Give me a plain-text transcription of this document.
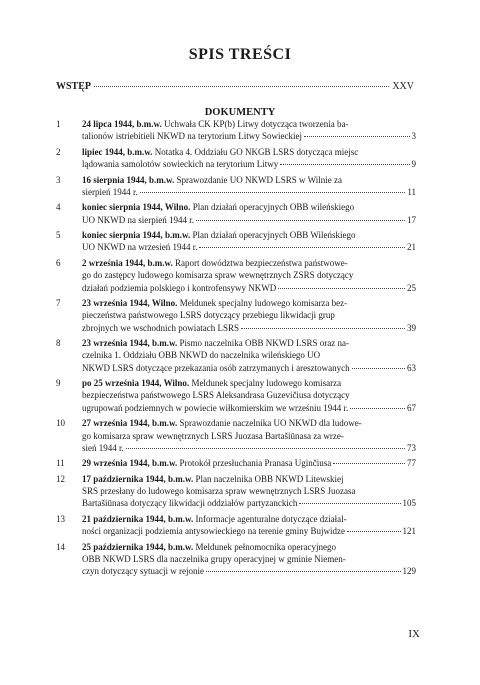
SPIS TREŚCI
WSTĘP	XXV
DOKUMENTY
1	24 lipca 1944, b.m.w. Uchwała CK KP(b) Litwy dotycząca tworzenia ba-
talionów istriebitieli NKWD na terytorium Litwy Sowieckiej	3
2	lipiec 1944, b.m.w. Notatka 4. Oddziału GO NKGB LSRS dotycząca miejsc
lądowania samolotów sowieckich na terytorium Litwy	9
3	16 sierpnia 1944, b.m.w. Sprawozdanie UO NKWD LSRS w Wilnie za
sierpień 1944 r.	11
4	koniec sierpnia 1944, Wilno. Plan działań operacyjnych OBB wileńskiego
UO NKWD na sierpień 1944 r.	17
5	koniec sierpnia 1944, b.m.w. Plan działań operacyjnych OBB Wileńskiego
UO NKWD na wrzesień 1944 r.	21
6	2 września 1944, b.m.w. Raport dowództwa bezpieczeństwa państwowe-
go do zastępcy ludowego komisarza spraw wewnętrznych ZSRS dotyczący
działań podziemia polskiego i kontrofensywy NKWD	25
7	23 września 1944, Wilno. Meldunek specjalny ludowego komisarza bez-
pieczeństwa państwowego LSRS dotyczący przebiegu likwidacji grup
zbrojnych we wschodnich powiatach LSRS	39
8	23 września 1944, b.m.w. Pismo naczelnika OBB NKWD LSRS oraz na-
czelnika 1. Oddziału OBB NKWD do naczelnika wileńskiego UO
NKWD LSRS dotyczące przekazania osób zatrzymanych i aresztowanych	63
9	po 25 września 1944, Wilno. Meldunek specjalny ludowego komisarza
bezpieczeństwa państwowego LSRS Aleksandrasa Guzevičiusa dotyczący
ugrupowań podziemnych w powiecie wiłkomierskim we wrześniu 1944 r.	67
10	27 września 1944, b.m.w. Sprawozdanie naczelnika UO NKWD dla ludowe-
go komisarza spraw wewnętrznych LSRS Juozasa Bartašiūnasa za wrze-
sień 1944 r.	73
11	29 września 1944, b.m.w. Protokół przesłuchania Pranasa Uginčiusa	77
12	17 października 1944, b.m.w. Plan naczelnika OBB NKWD Litewskiej
SRS przesłany do ludowego komisarza spraw wewnętrznych LSRS Juozasa
Bartašiūnasa dotyczący likwidacji oddziałów partyzanckich	105
13	21 października 1944, b.m.w. Informacje agenturalne dotyczące działal-
ności organizacji podziemia antysowieckiego na terenie gminy Bujwidze	121
14	25 października 1944, b.m.w. Meldunek pełnomocnika operacyjnego
OBB NKWD LSRS dla naczelnika grupy operacyjnej w gminie Niemen-
czyn dotyczący sytuacji w rejonie	129
IX
